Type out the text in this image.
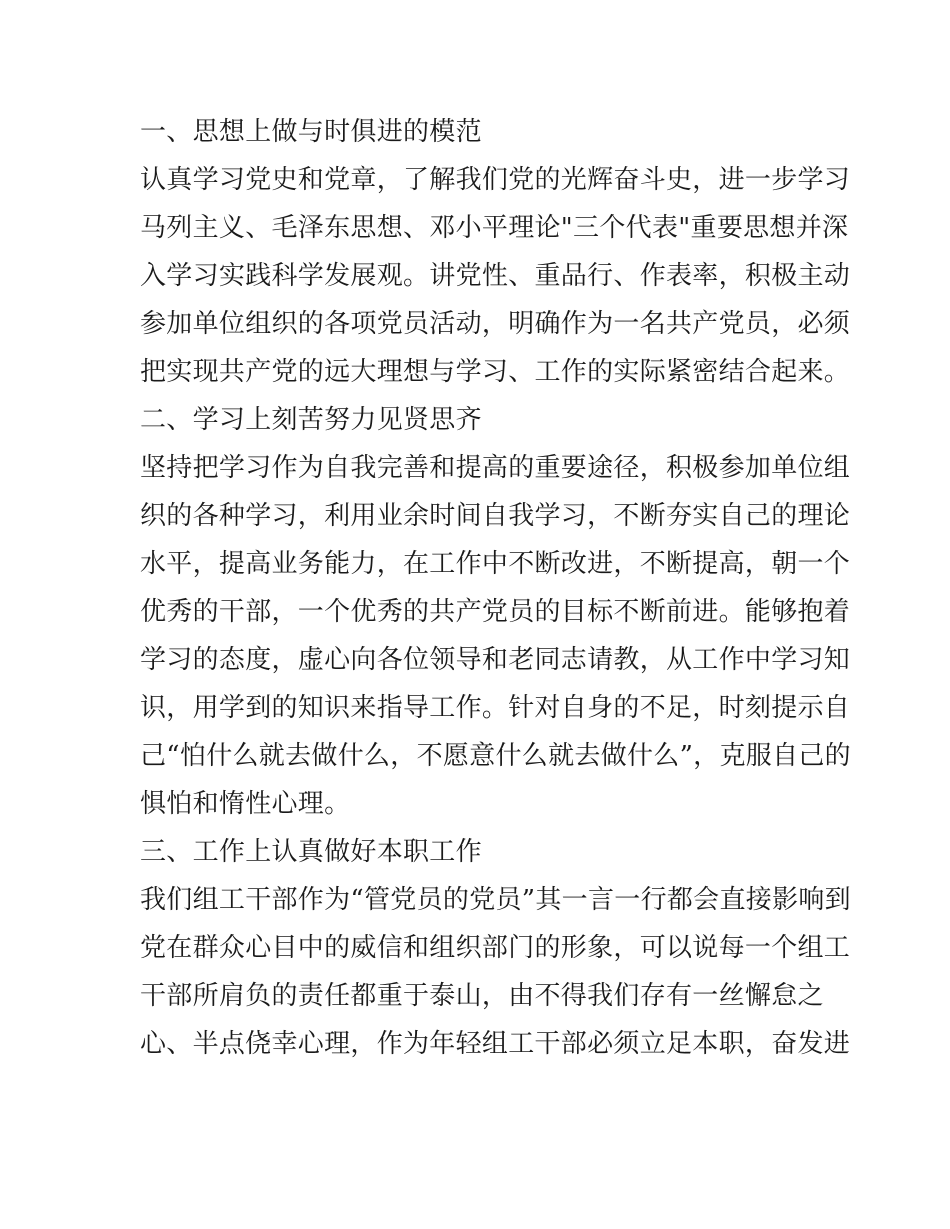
一、思想上做与时俱进的模范
认真学习党史和党章，了解我们党的光辉奋斗史，进一步学习
马列主义、毛泽东思想、邓小平理论"三个代表"重要思想并深
入学习实践科学发展观。讲党性、重品行、作表率，积极主动
参加单位组织的各项党员活动，明确作为一名共产党员，必须
把实现共产党的远大理想与学习、工作的实际紧密结合起来。
二、学习上刻苦努力见贤思齐
坚持把学习作为自我完善和提高的重要途径，积极参加单位组
织的各种学习，利用业余时间自我学习，不断夯实自己的理论
水平，提高业务能力，在工作中不断改进，不断提高，朝一个
优秀的干部，一个优秀的共产党员的目标不断前进。能够抱着
学习的态度，虚心向各位领导和老同志请教，从工作中学习知
识，用学到的知识来指导工作。针对自身的不足，时刻提示自
己“怕什么就去做什么，不愿意什么就去做什么”，克服自己的
惧怕和惰性心理。
三、工作上认真做好本职工作
我们组工干部作为“管党员的党员”其一言一行都会直接影响到
党在群众心目中的威信和组织部门的形象，可以说每一个组工
干部所肩负的责任都重于泰山，由不得我们存有一丝懈怠之
心、半点侥幸心理，作为年轻组工干部必须立足本职，奋发进
